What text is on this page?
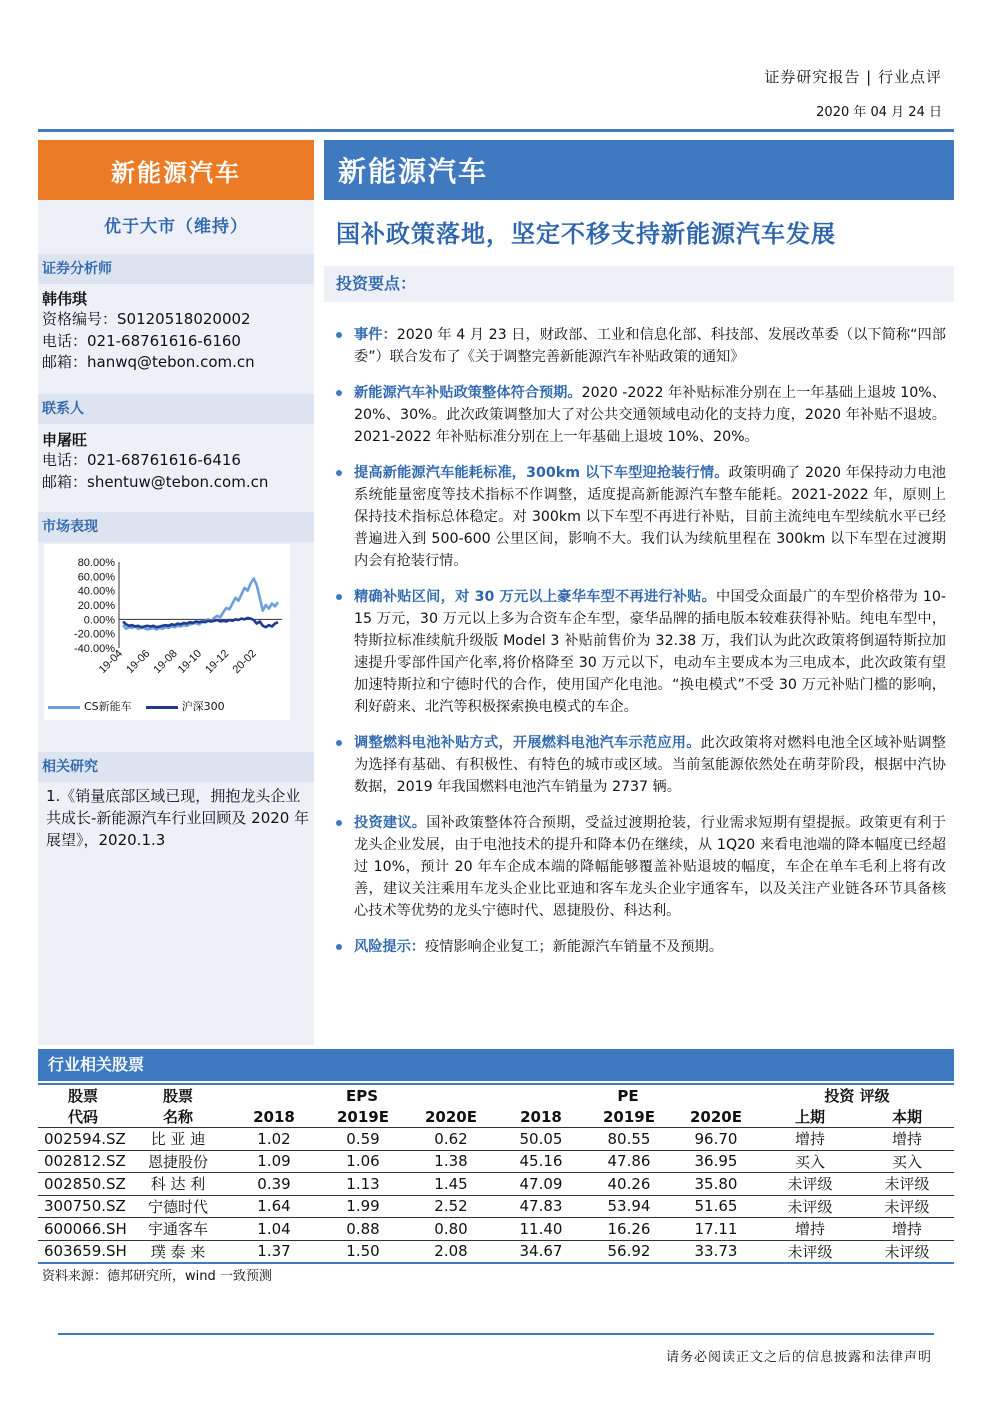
证券研究报告 | 行业点评
2020 年 04 月 24 日
新能源汽车	新能源汽车
优于大市（维持）
证券分析师
韩伟琪
资格编号：S0120518020002
电话：021-68761616-6160
邮箱：hanwq@tebon.com.cn
联系人
申屠旺
电话：021-68761616-6416
邮箱：shentuw@tebon.com.cn
市场表现
相关研究
80.00%
60.00%
40.00%
20.00%
0.00%
-20.00%
-40.00%
19-04
19-06
19-08
19-10
19-12
20-02
CS新能车	沪深300
1.《销量底部区域已现，拥抱龙头企业共成长-新能源汽车行业回顾及 2020 年展望》，2020.1.3
国补政策落地，坚定不移支持新能源汽车发展
投资要点：
事件：2020 年 4 月 23 日，财政部、工业和信息化部、科技部、发展改革委（以下简称“四部委”）联合发布了《关于调整完善新能源汽车补贴政策的通知》
新能源汽车补贴政策整体符合预期。2020 -2022 年补贴标准分别在上一年基础上退坡 10%、20%、30%。此次政策调整加大了对公共交通领域电动化的支持力度，2020 年补贴不退坡。2021-2022 年补贴标准分别在上一年基础上退坡 10%、20%。
提高新能源汽车能耗标准，300km 以下车型迎抢装行情。政策明确了 2020 年保持动力电池系统能量密度等技术指标不作调整，适度提高新能源汽车整车能耗。2021-2022 年，原则上保持技术指标总体稳定。对 300km 以下车型不再进行补贴，目前主流纯电车型续航水平已经普遍进入到 500-600 公里区间，影响不大。我们认为续航里程在 300km 以下车型在过渡期内会有抢装行情。
精确补贴区间，对 30 万元以上豪华车型不再进行补贴。中国受众面最广的车型价格带为 10-15 万元，30 万元以上多为合资车企车型，豪华品牌的插电版本较难获得补贴。纯电车型中，特斯拉标准续航升级版 Model 3 补贴前售价为 32.38 万，我们认为此次政策将倒逼特斯拉加速提升零部件国产化率,将价格降至 30 万元以下，电动车主要成本为三电成本，此次政策有望加速特斯拉和宁德时代的合作，使用国产化电池。“换电模式”不受 30 万元补贴门槛的影响，利好蔚来、北汽等积极探索换电模式的车企。
调整燃料电池补贴方式，开展燃料电池汽车示范应用。此次政策将对燃料电池全区域补贴调整为选择有基础、有积极性、有特色的城市或区域。当前氢能源依然处在萌芽阶段，根据中汽协数据，2019 年我国燃料电池汽车销量为 2737 辆。
投资建议。国补政策整体符合预期，受益过渡期抢装，行业需求短期有望提振。政策更有利于龙头企业发展，由于电池技术的提升和降本仍在继续，从 1Q20 来看电池端的降本幅度已经超过 10%，预计 20 年车企成本端的降幅能够覆盖补贴退坡的幅度，车企在单车毛利上将有改善，建议关注乘用车龙头企业比亚迪和客车龙头企业宇通客车，以及关注产业链各环节具备核心技术等优势的龙头宁德时代、恩捷股份、科达利。
风险提示：疫情影响企业复工；新能源汽车销量不及预期。
行业相关股票
股票	股票	EPS			PE			投资 评级	
代码	名称	2018	2019E	2020E	2018	2019E	2020E	上期	本期
002594.SZ	比 亚 迪	1.02	0.59	0.62	50.05	80.55	96.70	增持	增持
002812.SZ	恩捷股份	1.09	1.06	1.38	45.16	47.86	36.95	买入	买入
002850.SZ	科 达 利	0.39	1.13	1.45	47.09	40.26	35.80	未评级	未评级
300750.SZ	宁德时代	1.64	1.99	2.52	47.83	53.94	51.65	未评级	未评级
600066.SH	宇通客车	1.04	0.88	0.80	11.40	16.26	17.11	增持	增持
603659.SH	璞 泰 来	1.37	1.50	2.08	34.67	56.92	33.73	未评级	未评级
资料来源：德邦研究所，wind 一致预测
请务必阅读正文之后的信息披露和法律声明
